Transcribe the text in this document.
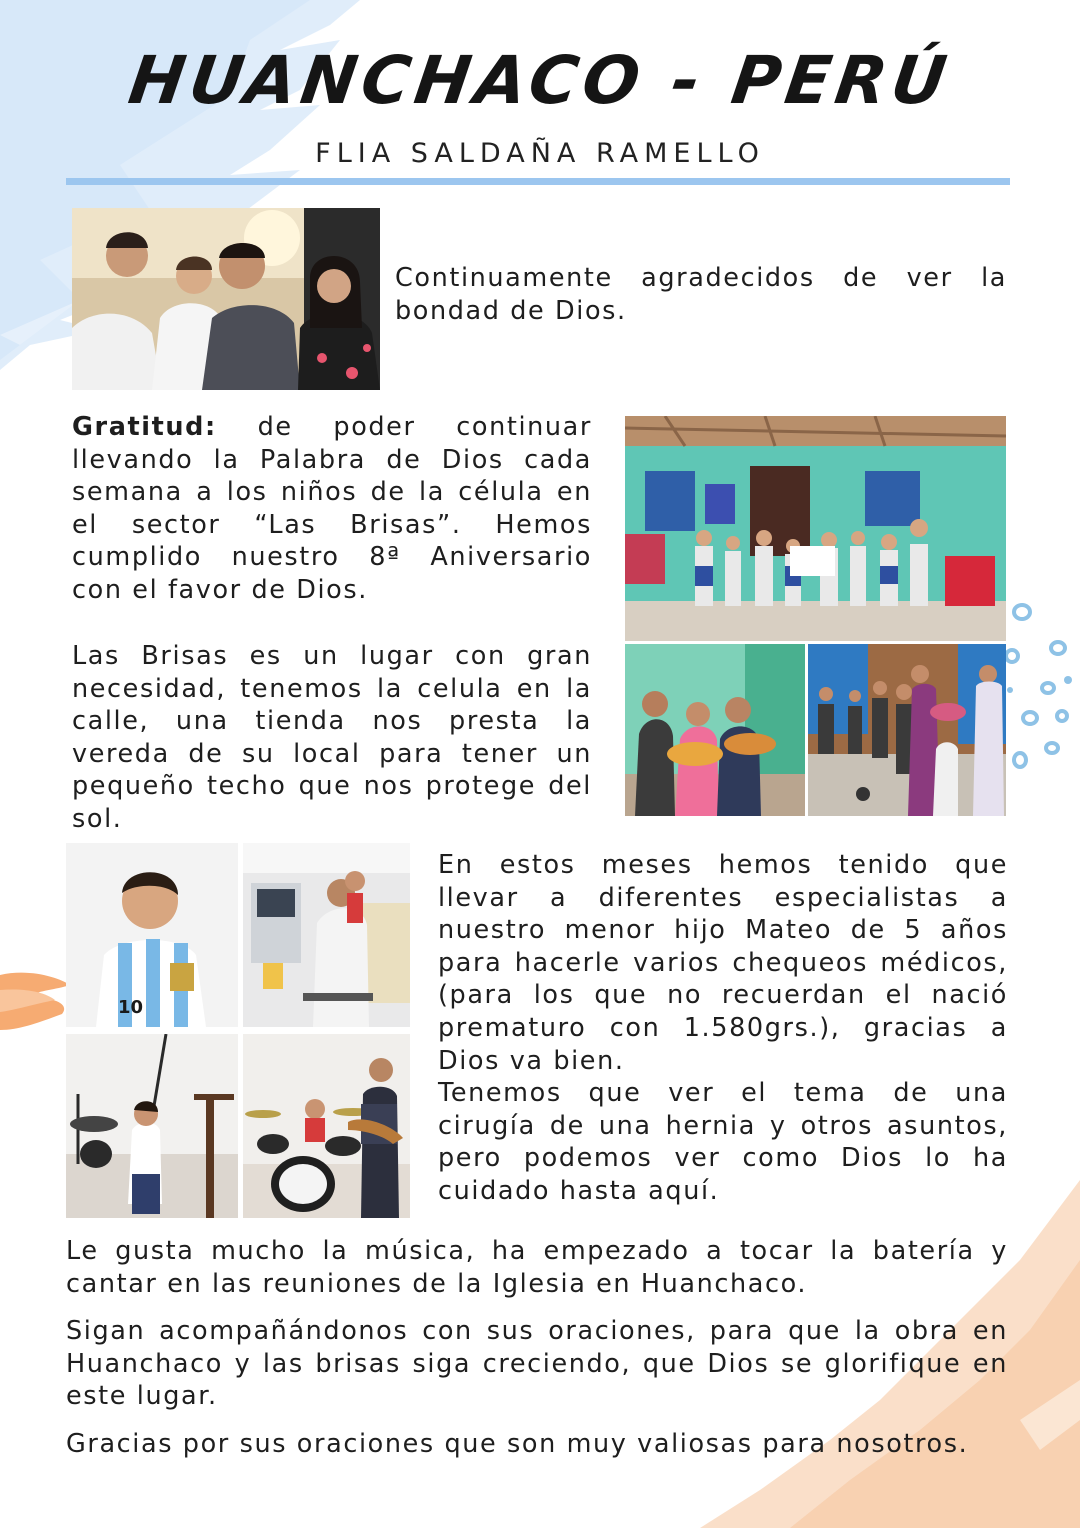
HUANCHACO - PERÚ
FLIA SALDAÑA RAMELLO
Continuamente agradecidos de ver la bondad de Dios.

Gratitud: de poder continuar llevando la Palabra de Dios cada semana a los niños de la célula en el sector “Las Brisas”. Hemos cumplido nuestro 8ª Aniversario con el favor de Dios.

Las Brisas es un lugar con gran necesidad, tenemos la celula en la calle, una tienda nos presta la vereda de su local para tener un pequeño techo que nos protege del sol.
10

En estos meses hemos tenido que llevar a diferentes especialistas a nuestro menor hijo Mateo de 5 años para hacerle varios chequeos médicos, (para los que no recuerdan el nació prematuro con 1.580grs.), gracias a Dios va bien.

Tenemos que ver el tema de una cirugía de una hernia y otros asuntos, pero podemos ver como Dios lo ha cuidado hasta aquí.

Le gusta mucho la música, ha empezado a tocar la batería y cantar en las reuniones de la Iglesia en Huanchaco.

Sigan acompañándonos con sus oraciones, para que la obra en Huanchaco y las brisas siga creciendo, que Dios se glorifique en este lugar.

Gracias por sus oraciones que son muy valiosas para nosotros.
